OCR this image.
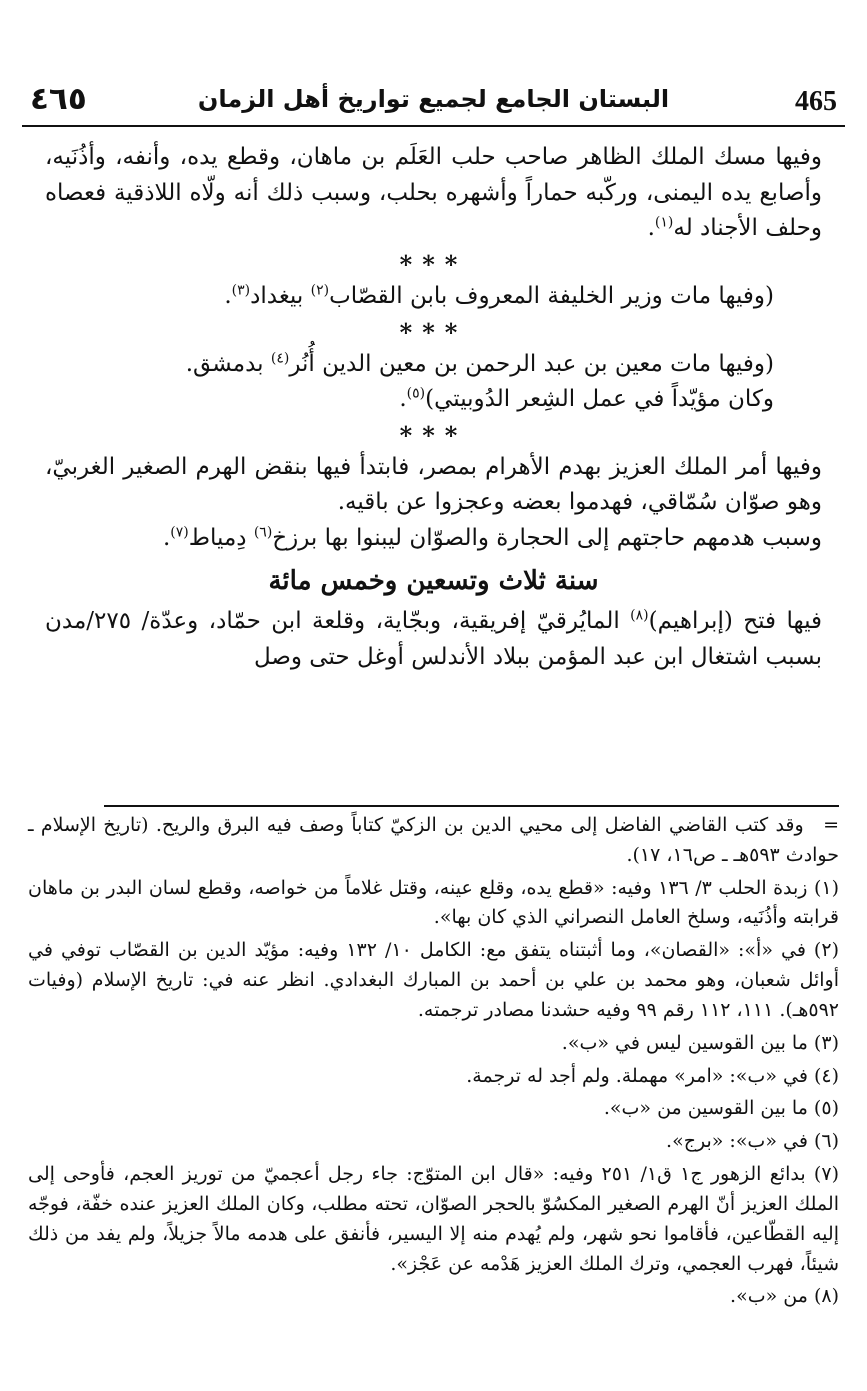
٤٦٥	البستان الجامع لجميع تواريخ أهل الزمان	465

وفيها مسك الملك الظاهر صاحب حلب العَلَم بن ماهان، وقطع يده، وأنفه، وأذُنَيه، وأصابع يده اليمنى، وركّبه حماراً وأشهره بحلب، وسبب ذلك أنه ولّاه اللاذقية فعصاه وحلف الأجناد له$^{(١)}$.

***
(وفيها مات وزير الخليفة المعروف بابن القصّاب$^{(٢)}$ بيغداد$^{(٣)}$.
***
(وفيها مات معين بن عبد الرحمن بن معين الدين أُنُر$^{(٤)}$ بدمشق.
وكان مؤيّداً في عمل الشِعر الدُوبيتي)$^{(٥)}$.
***

وفيها أمر الملك العزيز بهدم الأهرام بمصر، فابتدأ فيها بنقض الهرم الصغير الغربيّ، وهو صوّان سُمّاقي، فهدموا بعضه وعجزوا عن باقيه.
وسبب هدمهم حاجتهم إلى الحجارة والصوّان ليبنوا بها برزخ$^{(٦)}$ دِمياط$^{(٧)}$.

سنة ثلاث وتسعين وخمس مائة

فيها فتح (إبراهيم)$^{(٨)}$ المايُرقيّ إفريقية، وبجّاية، وقلعة ابن حمّاد، وعدّة/ ٢٧٥/مدن بسبب اشتغال ابن عبد المؤمن ببلاد الأندلس أوغل حتى وصل

= وقد كتب القاضي الفاضل إلى محيي الدين بن الزكيّ كتاباً وصف فيه البرق والريح. (تاريخ الإسلام ـ حوادث ٥٩٣هـ ـ ص١٦، ١٧).

(١) زبدة الحلب ٣/ ١٣٦ وفيه: «قطع يده، وقلع عينه، وقتل غلاماً من خواصه، وقطع لسان البدر بن ماهان قرابته وأذُنَيه، وسلخ العامل النصراني الذي كان بها».

(٢) في «أ»: «القصان»، وما أثبتناه يتفق مع: الكامل ١٠/ ١٣٢ وفيه: مؤيّد الدين بن القصّاب توفي في أوائل شعبان، وهو محمد بن علي بن أحمد بن المبارك البغدادي. انظر عنه في: تاريخ الإسلام (وفيات ٥٩٢هـ). ١١١، ١١٢ رقم ٩٩ وفيه حشدنا مصادر ترجمته.

(٣) ما بين القوسين ليس في «ب».

(٤) في «ب»: «امر» مهملة. ولم أجد له ترجمة.

(٥) ما بين القوسين من «ب».

(٦) في «ب»: «برج».

(٧) بدائع الزهور ج١ ق١/ ٢٥١ وفيه: «قال ابن المتوّج: جاء رجل أعجميّ من توريز العجم، فأوحى إلى الملك العزيز أنّ الهرم الصغير المكسُوّ بالحجر الصوّان، تحته مطلب، وكان الملك العزيز عنده خفّة، فوجّه إليه القطّاعين، فأقاموا نحو شهر، ولم يُهدم منه إلا اليسير، فأنفق على هدمه مالاً جزيلاً، ولم يفد من ذلك شيئاً، فهرب العجمي، وترك الملك العزيز هَدْمه عن عَجْز».

(٨) من «ب».
